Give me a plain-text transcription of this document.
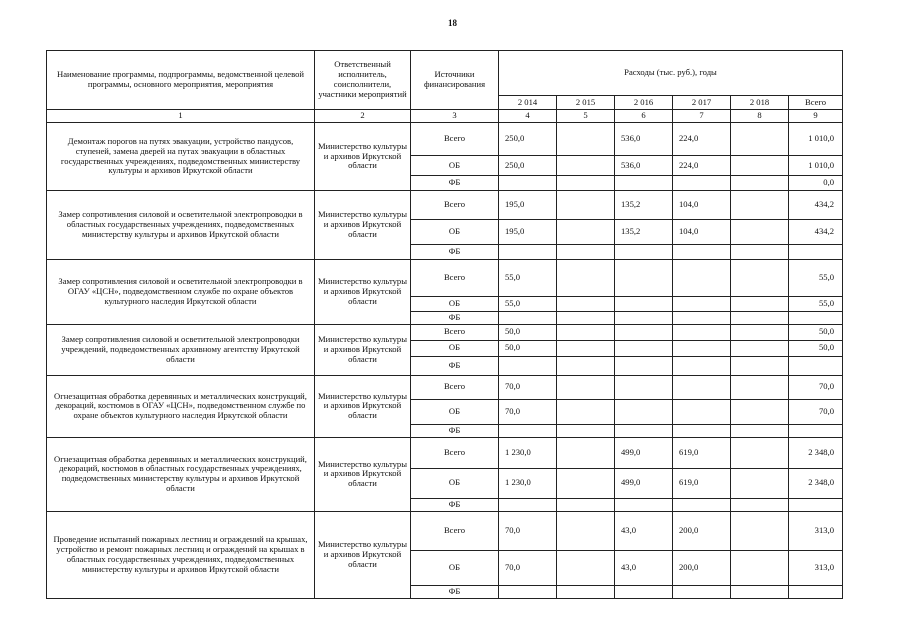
18
Наименование программы, подпрограммы, ведомственной целевой программы, основного мероприятия, мероприятия	Ответственный исполнитель, соисполнители, участники мероприятий	Источники финансирования	Расходы (тыс. руб.), годы					
			2 014	2 015	2 016	2 017	2 018	Всего
1	2	3	4	5	6	7	8	9
Демонтаж порогов на путях эвакуации, устройство пандусов, ступеней, замена дверей на путах эвакуации в областных государственных учреждениях, подведомственных министерству культуры и архивов Иркутской области	Министерство культуры и архивов Иркутской области	Всего	250,0		536,0	224,0		1 010,0
		ОБ	250,0		536,0	224,0		1 010,0
		ФБ						0,0
Замер сопротивления силовой и осветительной электропроводки в областных государственных учреждениях, подведомственных министерству культуры и архивов Иркутской области	Министерство культуры и архивов Иркутской области	Всего	195,0		135,2	104,0		434,2
		ОБ	195,0		135,2	104,0		434,2
		ФБ						
Замер сопротивления силовой и осветительной электропроводки в ОГАУ «ЦСН», подведомственном службе по охране объектов культурного наследия Иркутской области	Министерство культуры и архивов Иркутской области	Всего	55,0					55,0
		ОБ	55,0					55,0
		ФБ						
Замер сопротивления силовой и осветительной электропроводки учреждений, подведомственных архивному агентству Иркутской области	Министерство культуры и архивов Иркутской области	Всего	50,0					50,0
		ОБ	50,0					50,0
		ФБ						
Огнезащитная обработка деревянных и металлических конструкций, декораций, костюмов в ОГАУ «ЦСН», подведомственном службе по охране объектов культурного наследия Иркутской области	Министерство культуры и архивов Иркутской области	Всего	70,0					70,0
		ОБ	70,0					70,0
		ФБ						
Огнезащитная обработка деревянных и металлических конструкций, декораций, костюмов в областных государственных учреждениях, подведомственных министерству культуры и архивов Иркутской области	Министерство культуры и архивов Иркутской области	Всего	1 230,0		499,0	619,0		2 348,0
		ОБ	1 230,0		499,0	619,0		2 348,0
		ФБ						
Проведение испытаний пожарных лестниц и ограждений на крышах, устройство и ремонт пожарных лестниц и ограждений на крышах в областных государственных учреждениях, подведомственных министерству культуры и архивов Иркутской области	Министерство культуры и архивов Иркутской области	Всего	70,0		43,0	200,0		313,0
		ОБ	70,0		43,0	200,0		313,0
		ФБ						
